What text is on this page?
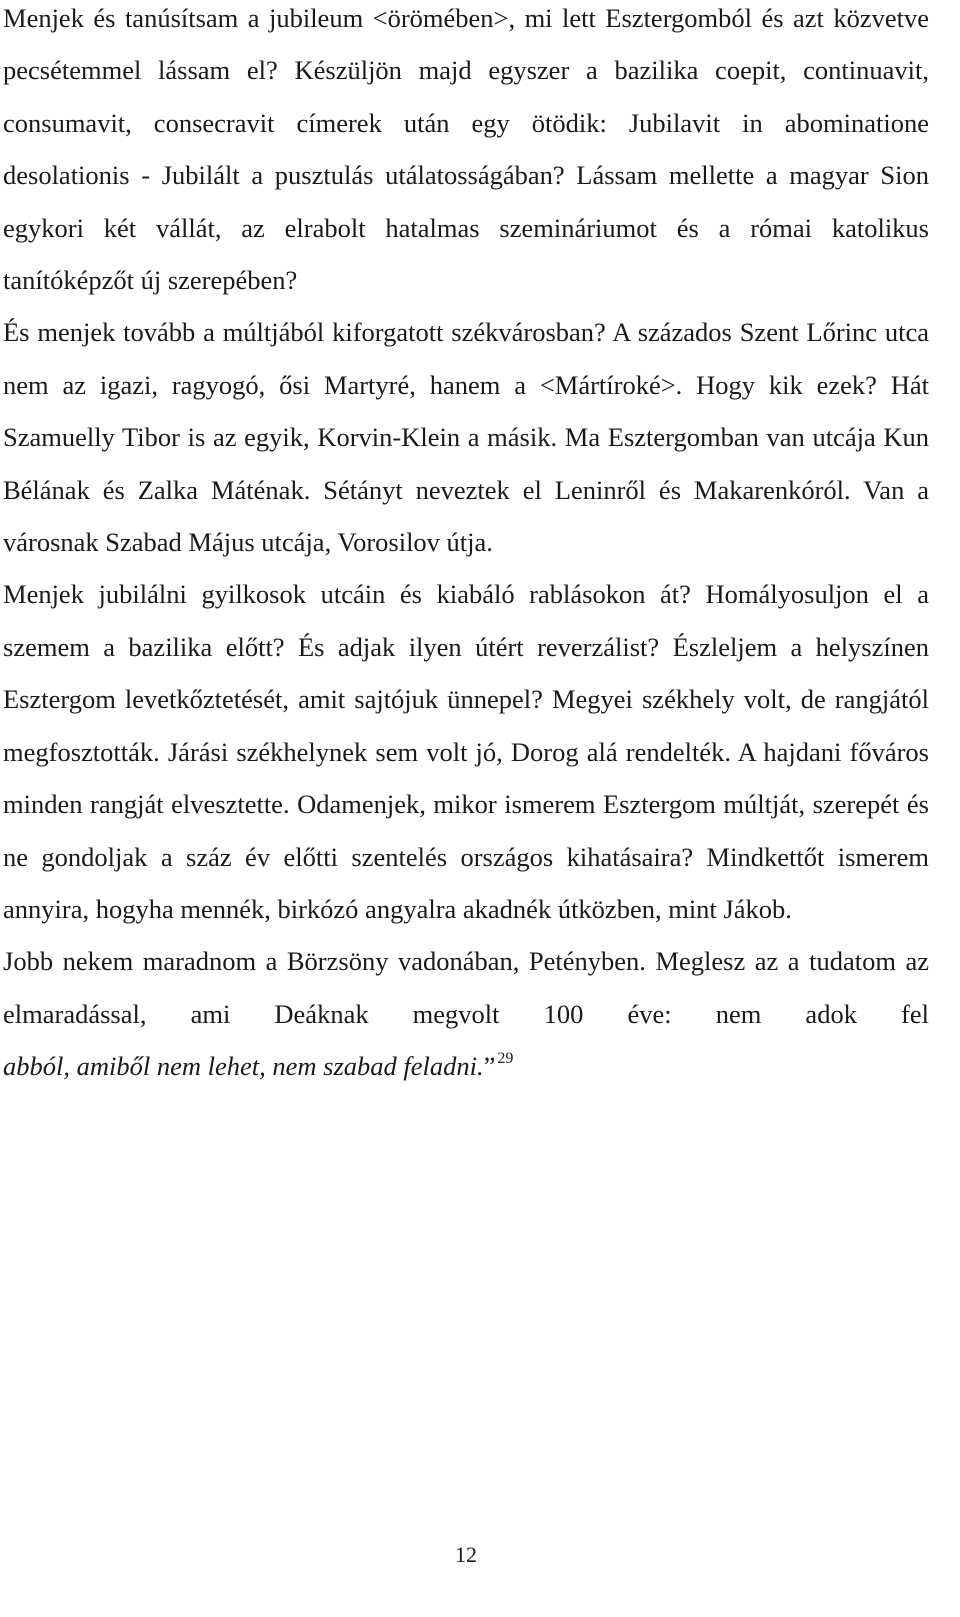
Menjek és tanúsítsam a jubileum <örömében>, mi lett Esztergomból és azt közvetve pecsétemmel lássam el? Készüljön majd egyszer a bazilika coepit, continuavit, consumavit, consecravit címerek után egy ötödik: Jubilavit in abominatione desolationis - Jubilált a pusztulás utálatosságában? Lássam mellette a magyar Sion egykori két vállát, az elrabolt hatalmas szemináriumot és a római katolikus tanítóképzőt új szerepében?

És menjek tovább a múltjából kiforgatott székvárosban? A százados Szent Lőrinc utca nem az igazi, ragyogó, ősi Martyré, hanem a <Mártíroké>. Hogy kik ezek? Hát Szamuelly Tibor is az egyik, Korvin-Klein a másik. Ma Esztergomban van utcája Kun Bélának és Zalka Máténak. Sétányt neveztek el Leninről és Makarenkóról. Van a városnak Szabad Május utcája, Vorosilov útja.

Menjek jubilálni gyilkosok utcáin és kiabáló rablásokon át? Homályosuljon el a szemem a bazilika előtt? És adjak ilyen útért reverzálist? Észleljem a helyszínen Esztergom levetkőztetését, amit sajtójuk ünnepel? Megyei székhely volt, de rangjától megfosztották. Járási székhelynek sem volt jó, Dorog alá rendelték. A hajdani főváros minden rangját elvesztette. Odamenjek, mikor ismerem Esztergom múltját, szerepét és ne gondoljak a száz év előtti szentelés országos kihatásaira? Mindkettőt ismerem annyira, hogyha mennék, birkózó angyalra akadnék útközben, mint Jákob.

Jobb nekem maradnom a Börzsöny vadonában, Petényben. Meglesz az a tudatom az elmaradással, ami Deáknak megvolt 100 éve: nem adok fel

abból, amiből nem lehet, nem szabad feladni.” $^{29}$

12
